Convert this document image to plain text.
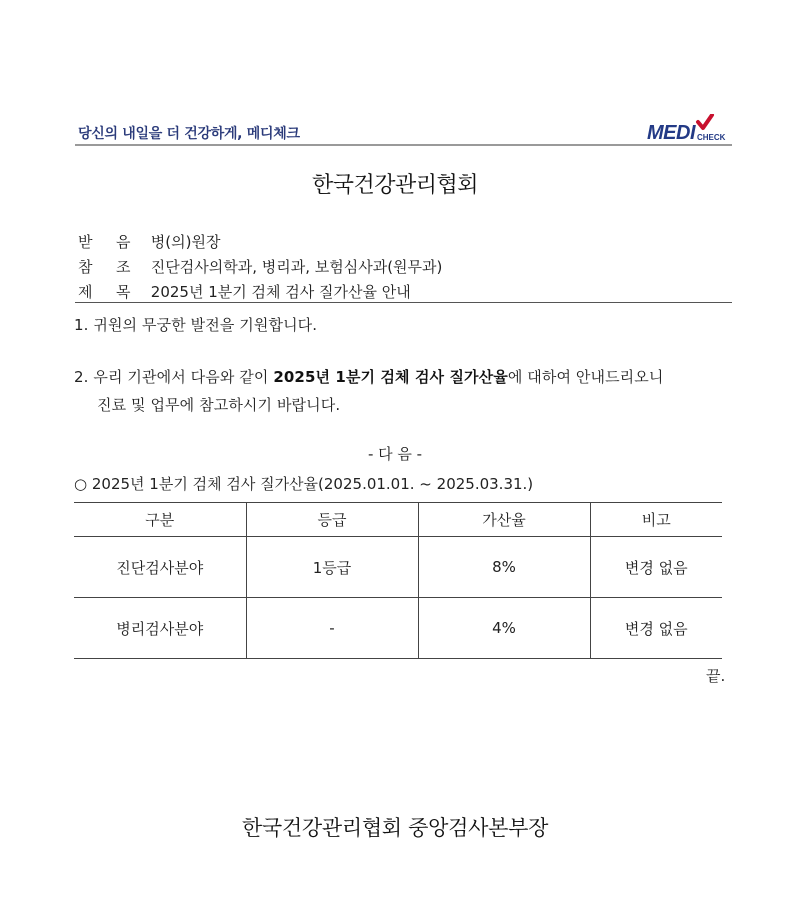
당신의 내일을 더 건강하게, 메디체크	MEDI CHECK
한국건강관리협회
받 음 병(의)원장
참 조 진단검사의학과, 병리과, 보험심사과(원무과)
제 목 2025년 1분기 검체 검사 질가산율 안내
1. 귀원의 무궁한 발전을 기원합니다.
2. 우리 기관에서 다음와 같이 2025년 1분기 검체 검사 질가산율에 대하여 안내드리오니
진료 및 업무에 참고하시기 바랍니다.
- 다 음 -
○ 2025년 1분기 검체 검사 질가산율(2025.01.01. ~ 2025.03.31.)
구분	등급	가산율	비고
진단검사분야	1등급	8%	변경 없음
병리검사분야	-	4%	변경 없음
끝.
한국건강관리협회 중앙검사본부장
